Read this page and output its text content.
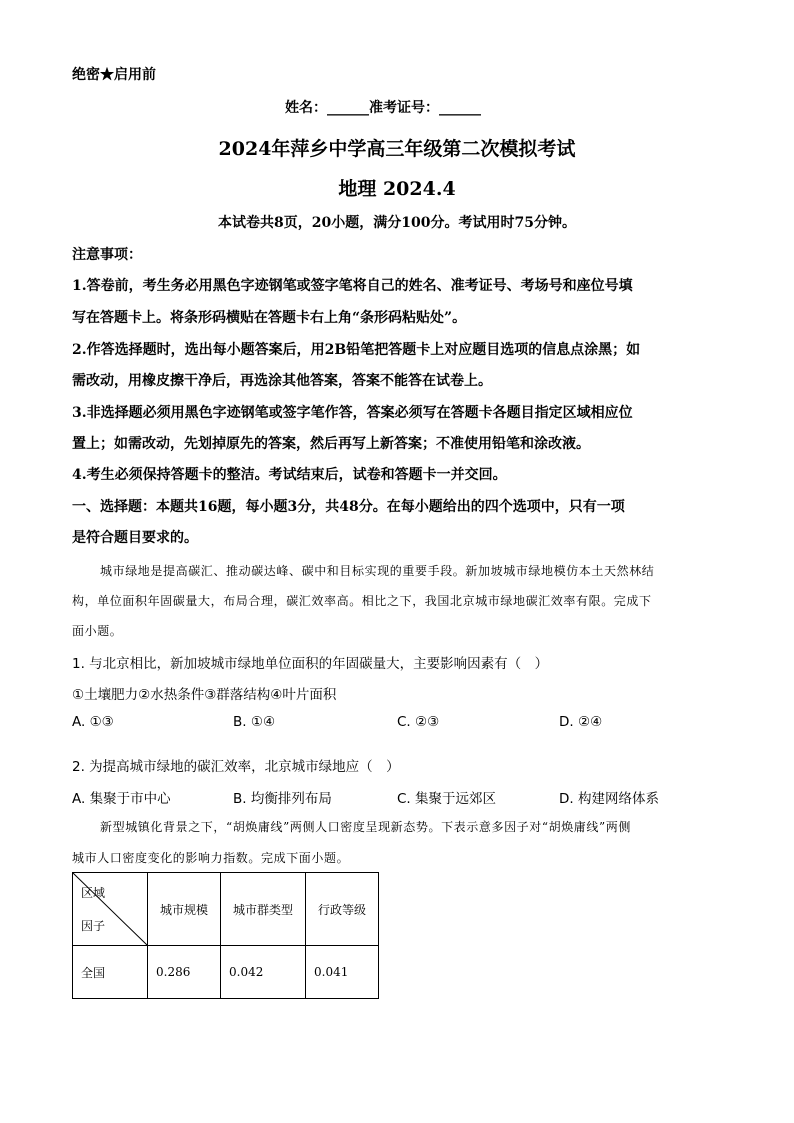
绝密★启用前
姓名：______准考证号：______
2024年萍乡中学高三年级第二次模拟考试
地理 2024.4
本试卷共8页，20小题，满分100分。考试用时75分钟。
注意事项：
1.答卷前，考生务必用黑色字迹钢笔或签字笔将自己的姓名、准考证号、考场号和座位号填
写在答题卡上。将条形码横贴在答题卡右上角“条形码粘贴处”。
2.作答选择题时，选出每小题答案后，用2B铅笔把答题卡上对应题目选项的信息点涂黑；如
需改动，用橡皮擦干净后，再选涂其他答案，答案不能答在试卷上。
3.非选择题必须用黑色字迹钢笔或签字笔作答，答案必须写在答题卡各题目指定区域相应位
置上；如需改动，先划掉原先的答案，然后再写上新答案；不准使用铅笔和涂改液。
4.考生必须保持答题卡的整洁。考试结束后，试卷和答题卡一并交回。
一、选择题：本题共16题，每小题3分，共48分。在每小题给出的四个选项中，只有一项
是符合题目要求的。
城市绿地是提高碳汇、推动碳达峰、碳中和目标实现的重要手段。新加坡城市绿地模仿本土天然林结
构，单位面积年固碳量大，布局合理，碳汇效率高。相比之下，我国北京城市绿地碳汇效率有限。完成下
面小题。
1. 与北京相比，新加坡城市绿地单位面积的年固碳量大，主要影响因素有（　）
①土壤肥力②水热条件③群落结构④叶片面积
A. ①③	B. ①④	C. ②③	D. ②④
2. 为提高城市绿地的碳汇效率，北京城市绿地应（　）
A. 集聚于市中心	B. 均衡排列布局	C. 集聚于远郊区	D. 构建网络体系
新型城镇化背景之下，“胡焕庸线”两侧人口密度呈现新态势。下表示意多因子对“胡焕庸线”两侧
城市人口密度变化的影响力指数。完成下面小题。
区域
因子	城市规模	城市群类型	行政等级
全国	0.286	0.042	0.041
